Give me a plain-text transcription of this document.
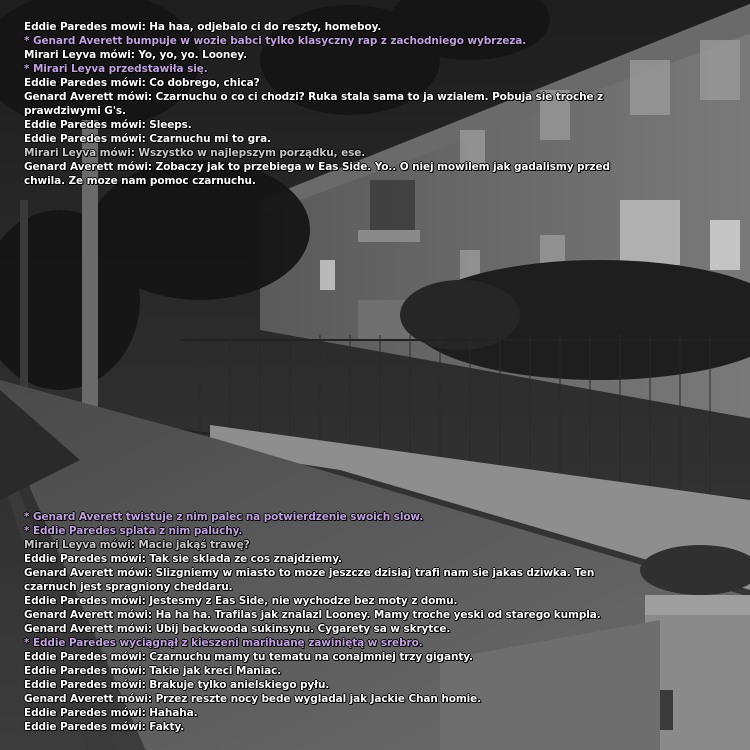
Eddie Paredes mowi: Ha haa, odjebalo ci do reszty, homeboy.
* Genard Averett bumpuje w wozie babci tylko klasyczny rap z zachodniego wybrzeza.
Mirari Leyva mówi: Yo, yo, yo. Looney.
* Mirari Leyva przedstawiła się.
Eddie Paredes mówi: Co dobrego, chica?
Genard Averett mówi: Czarnuchu o co ci chodzi? Ruka stala sama to ja wzialem. Pobuja sie troche z
prawdziwymi G's.
Eddie Paredes mówi: Sleeps.
Eddie Paredes mówi: Czarnuchu mi to gra.
Mirari Leyva mówi: Wszystko w najlepszym porządku, ese.
Genard Averett mówi: Zobaczy jak to przebiega w Eas Side. Yo.. O niej mowilem jak gadalismy przed
chwila. Ze moze nam pomoc czarnuchu.
* Genard Averett twistuje z nim palec na potwierdzenie swoich slow.
* Eddie Paredes splata z nim paluchy.
Mirari Leyva mówi: Macie jakąś trawę?
Eddie Paredes mówi: Tak sie sklada ze cos znajdziemy.
Genard Averett mówi: Slizgniemy w miasto to moze jeszcze dzisiaj trafi nam sie jakas dziwka. Ten
czarnuch jest spragniony cheddaru.
Eddie Paredes mówi: Jestesmy z Eas Side, nie wychodze bez moty z domu.
Genard Averett mówi: Ha ha ha. Trafilas jak znalazl Looney. Mamy troche yeski od starego kumpla.
Genard Averett mówi: Ubij backwooda sukinsynu. Cygarety sa w skrytce.
* Eddie Paredes wyciągnął z kieszeni marihuanę zawiniętą w srebro.
Eddie Paredes mówi: Czarnuchu mamy tu tematu na conajmniej trzy giganty.
Eddie Paredes mówi: Takie jak kreci Maniac.
Eddie Paredes mówi: Brakuje tylko anielskiego pyłu.
Genard Averett mówi: Przez reszte nocy bede wygladal jak Jackie Chan homie.
Eddie Paredes mówi: Hahaha.
Eddie Paredes mówi: Fakty.
